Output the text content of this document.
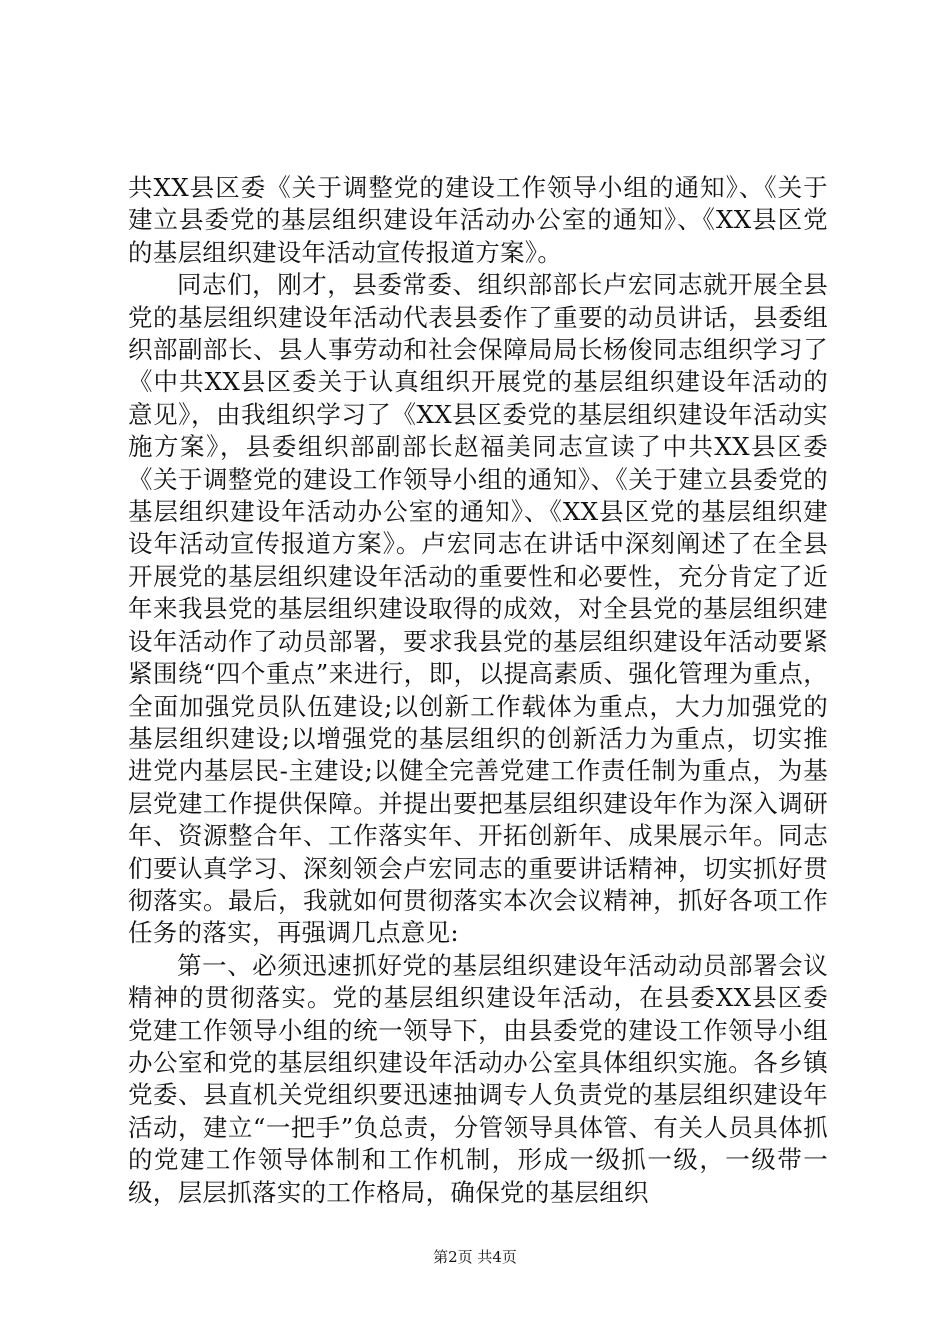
共XX县区委《关于调整党的建设工作领导小组的通知》、《关于建立县委党的基层组织建设年活动办公室的通知》、《XX县区党的基层组织建设年活动宣传报道方案》。

同志们，刚才，县委常委、组织部部长卢宏同志就开展全县党的基层组织建设年活动代表县委作了重要的动员讲话，县委组织部副部长、县人事劳动和社会保障局局长杨俊同志组织学习了《中共XX县区委关于认真组织开展党的基层组织建设年活动的意见》，由我组织学习了《XX县区委党的基层组织建设年活动实施方案》，县委组织部副部长赵福美同志宣读了中共XX县区委《关于调整党的建设工作领导小组的通知》、《关于建立县委党的基层组织建设年活动办公室的通知》、《XX县区党的基层组织建设年活动宣传报道方案》。卢宏同志在讲话中深刻阐述了在全县开展党的基层组织建设年活动的重要性和必要性，充分肯定了近年来我县党的基层组织建设取得的成效，对全县党的基层组织建设年活动作了动员部署，要求我县党的基层组织建设年活动要紧紧围绕“四个重点”来进行，即，以提高素质、强化管理为重点，全面加强党员队伍建设;以创新工作载体为重点，大力加强党的基层组织建设;以增强党的基层组织的创新活力为重点，切实推进党内基层民-主建设;以健全完善党建工作责任制为重点，为基层党建工作提供保障。并提出要把基层组织建设年作为深入调研年、资源整合年、工作落实年、开拓创新年、成果展示年。同志们要认真学习、深刻领会卢宏同志的重要讲话精神，切实抓好贯彻落实。最后，我就如何贯彻落实本次会议精神，抓好各项工作任务的落实，再强调几点意见:

第一、必须迅速抓好党的基层组织建设年活动动员部署会议精神的贯彻落实。党的基层组织建设年活动，在县委XX县区委党建工作领导小组的统一领导下，由县委党的建设工作领导小组办公室和党的基层组织建设年活动办公室具体组织实施。各乡镇党委、县直机关党组织要迅速抽调专人负责党的基层组织建设年活动，建立“一把手”负总责，分管领导具体管、有关人员具体抓的党建工作领导体制和工作机制，形成一级抓一级，一级带一级，层层抓落实的工作格局，确保党的基层组织

第2页 共4页
